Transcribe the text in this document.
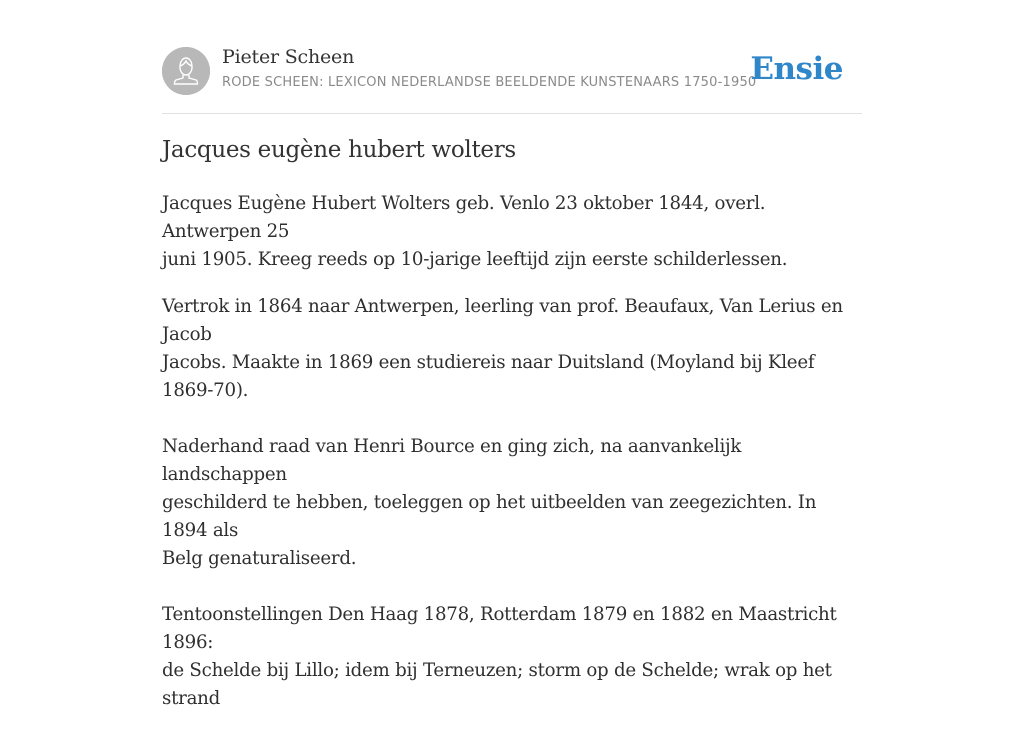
Pieter Scheen
RODE SCHEEN: LEXICON NEDERLANDSE BEELDENDE KUNSTENAARS 1750-1950
Ensie
Jacques eugène hubert wolters

Jacques Eugène Hubert Wolters geb. Venlo 23 oktober 1844, overl. Antwerpen 25
juni 1905. Kreeg reeds op 10-jarige leeftijd zijn eerste schilderlessen.

Vertrok in 1864 naar Antwerpen, leerling van prof. Beaufaux, Van Lerius en Jacob
Jacobs. Maakte in 1869 een studiereis naar Duitsland (Moyland bij Kleef 1869-70).

Naderhand raad van Henri Bource en ging zich, na aanvankelijk landschappen
geschilderd te hebben, toeleggen op het uitbeelden van zeegezichten. In 1894 als
Belg genaturaliseerd.

Tentoonstellingen Den Haag 1878, Rotterdam 1879 en 1882 en Maastricht 1896:
de Schelde bij Lillo; idem bij Terneuzen; storm op de Schelde; wrak op het strand
